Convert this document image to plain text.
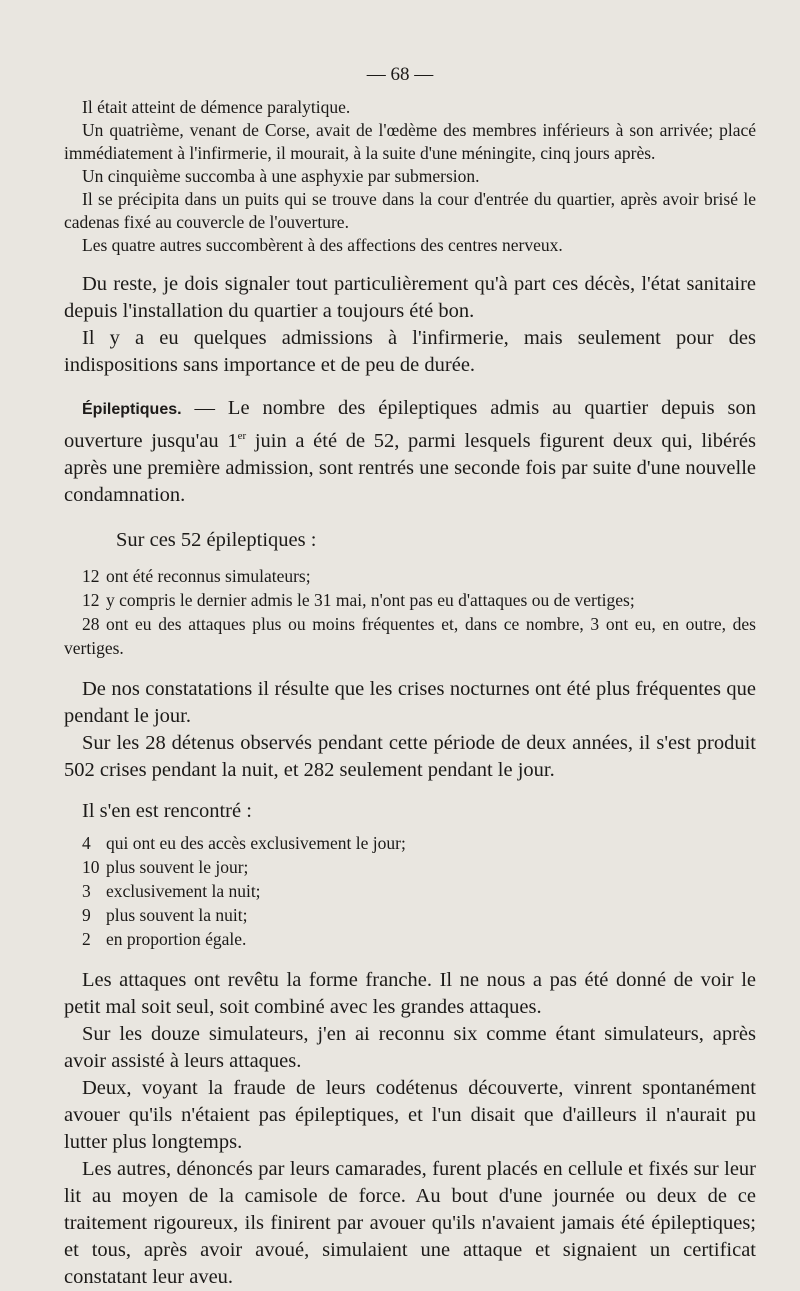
— 68 —

Il était atteint de démence paralytique.

Un quatrième, venant de Corse, avait de l'œdème des membres inférieurs à son arrivée; placé immédiatement à l'infirmerie, il mourait, à la suite d'une méningite, cinq jours après.

Un cinquième succomba à une asphyxie par submersion.

Il se précipita dans un puits qui se trouve dans la cour d'entrée du quartier, après avoir brisé le cadenas fixé au couvercle de l'ouverture.

Les quatre autres succombèrent à des affections des centres nerveux.

Du reste, je dois signaler tout particulièrement qu'à part ces décès, l'état sanitaire depuis l'installation du quartier a toujours été bon.

Il y a eu quelques admissions à l'infirmerie, mais seulement pour des indispositions sans importance et de peu de durée.

Épileptiques. — Le nombre des épileptiques admis au quartier depuis son ouverture jusqu'au 1er juin a été de 52, parmi lesquels figurent deux qui, libérés après une première admission, sont rentrés une seconde fois par suite d'une nouvelle condamnation.

Sur ces 52 épileptiques :

12 ont été reconnus simulateurs;
12 y compris le dernier admis le 31 mai, n'ont pas eu d'attaques ou de vertiges;
28 ont eu des attaques plus ou moins fréquentes et, dans ce nombre, 3 ont eu, en outre, des vertiges.

De nos constatations il résulte que les crises nocturnes ont été plus fréquentes que pendant le jour.

Sur les 28 détenus observés pendant cette période de deux années, il s'est produit 502 crises pendant la nuit, et 282 seulement pendant le jour.

Il s'en est rencontré :

4 qui ont eu des accès exclusivement le jour;
10 plus souvent le jour;
3 exclusivement la nuit;
9 plus souvent la nuit;
2 en proportion égale.

Les attaques ont revêtu la forme franche. Il ne nous a pas été donné de voir le petit mal soit seul, soit combiné avec les grandes attaques.

Sur les douze simulateurs, j'en ai reconnu six comme étant simulateurs, après avoir assisté à leurs attaques.

Deux, voyant la fraude de leurs codétenus découverte, vinrent spontanément avouer qu'ils n'étaient pas épileptiques, et l'un disait que d'ailleurs il n'aurait pu lutter plus longtemps.

Les autres, dénoncés par leurs camarades, furent placés en cellule et fixés sur leur lit au moyen de la camisole de force. Au bout d'une journée ou deux de ce traitement rigoureux, ils finirent par avouer qu'ils n'avaient jamais été épileptiques; et tous, après avoir avoué, simulaient une attaque et signaient un certificat constatant leur aveu.
